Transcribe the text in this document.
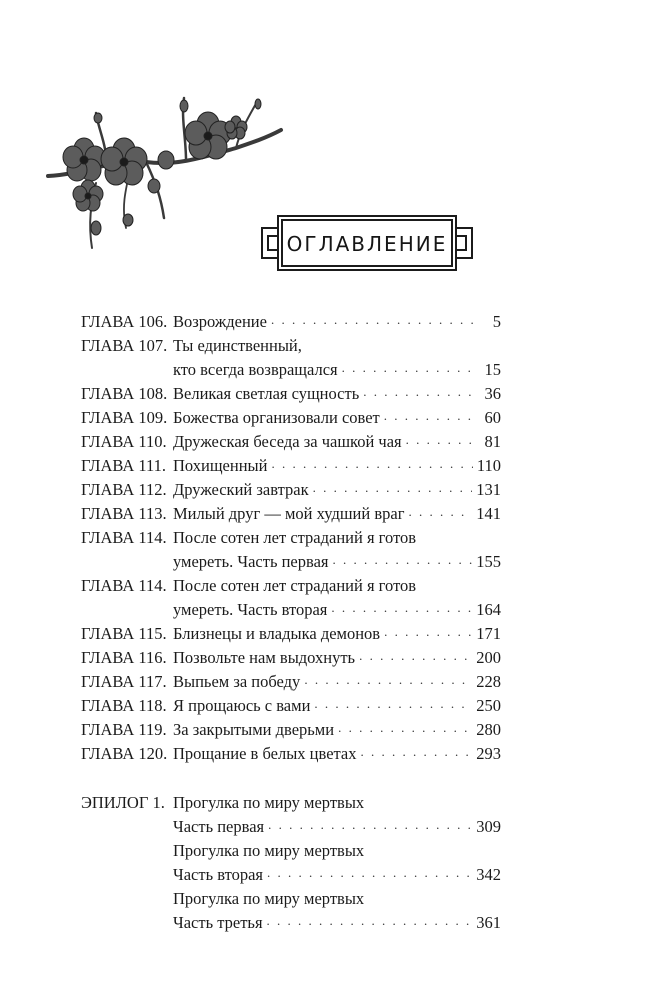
ОГЛАВЛЕНИЕ
ГЛАВА 106. Возрождение . . .	5
ГЛАВА 107. Ты единственный,
кто всегда возвращался . . .	15
ГЛАВА 108. Великая светлая сущность . . .	36
ГЛАВА 109. Божества организовали совет . . .	60
ГЛАВА 110. Дружеская беседа за чашкой чая . . .	81
ГЛАВА 111. Похищенный . . .	110
ГЛАВА 112. Дружеский завтрак . . .	131
ГЛАВА 113. Милый друг — мой худший враг . . .	141
ГЛАВА 114. После сотен лет страданий я готов
умереть. Часть первая . . .	155
ГЛАВА 114. После сотен лет страданий я готов
умереть. Часть вторая . . .	164
ГЛАВА 115. Близнецы и владыка демонов . . .	171
ГЛАВА 116. Позвольте нам выдохнуть . . .	200
ГЛАВА 117. Выпьем за победу . . .	228
ГЛАВА 118. Я прощаюсь с вами . . .	250
ГЛАВА 119. За закрытыми дверьми . . .	280
ГЛАВА 120. Прощание в белых цветах . . .	293
ЭПИЛОГ 1. Прогулка по миру мертвых
Часть первая . . .	309
Прогулка по миру мертвых
Часть вторая . . .	342
Прогулка по миру мертвых
Часть третья . . .	361
